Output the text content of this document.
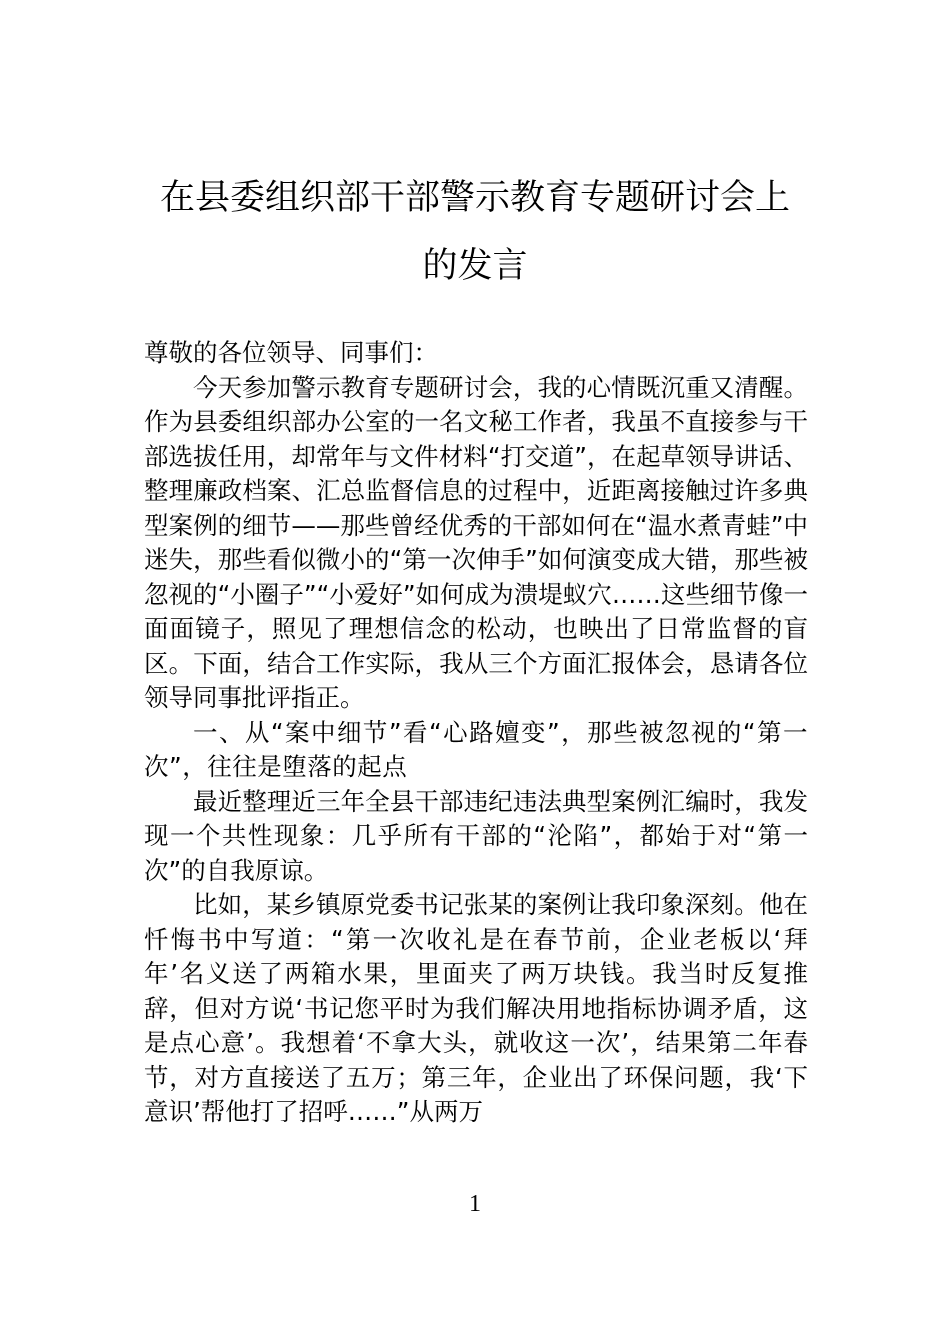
在县委组织部干部警示教育专题研讨会上
的发言

尊敬的各位领导、同事们：

今天参加警示教育专题研讨会，我的心情既沉重又清醒。作为县委组织部办公室的一名文秘工作者，我虽不直接参与干部选拔任用，却常年与文件材料“打交道”，在起草领导讲话、整理廉政档案、汇总监督信息的过程中，近距离接触过许多典型案例的细节——那些曾经优秀的干部如何在“温水煮青蛙”中迷失，那些看似微小的“第一次伸手”如何演变成大错，那些被忽视的“小圈子”“小爱好”如何成为溃堤蚁穴……这些细节像一面面镜子，照见了理想信念的松动，也映出了日常监督的盲区。下面，结合工作实际，我从三个方面汇报体会，恳请各位领导同事批评指正。

一、从“案中细节”看“心路嬗变”，那些被忽视的“第一次”，往往是堕落的起点

最近整理近三年全县干部违纪违法典型案例汇编时，我发现一个共性现象：几乎所有干部的“沦陷”，都始于对“第一次”的自我原谅。

比如，某乡镇原党委书记张某的案例让我印象深刻。他在忏悔书中写道：“第一次收礼是在春节前，企业老板以‘拜年’名义送了两箱水果，里面夹了两万块钱。我当时反复推辞，但对方说‘书记您平时为我们解决用地指标协调矛盾，这是点心意’。我想着‘不拿大头，就收这一次’，结果第二年春节，对方直接送了五万；第三年，企业出了环保问题，我‘下意识’帮他打了招呼……”从两万

1
